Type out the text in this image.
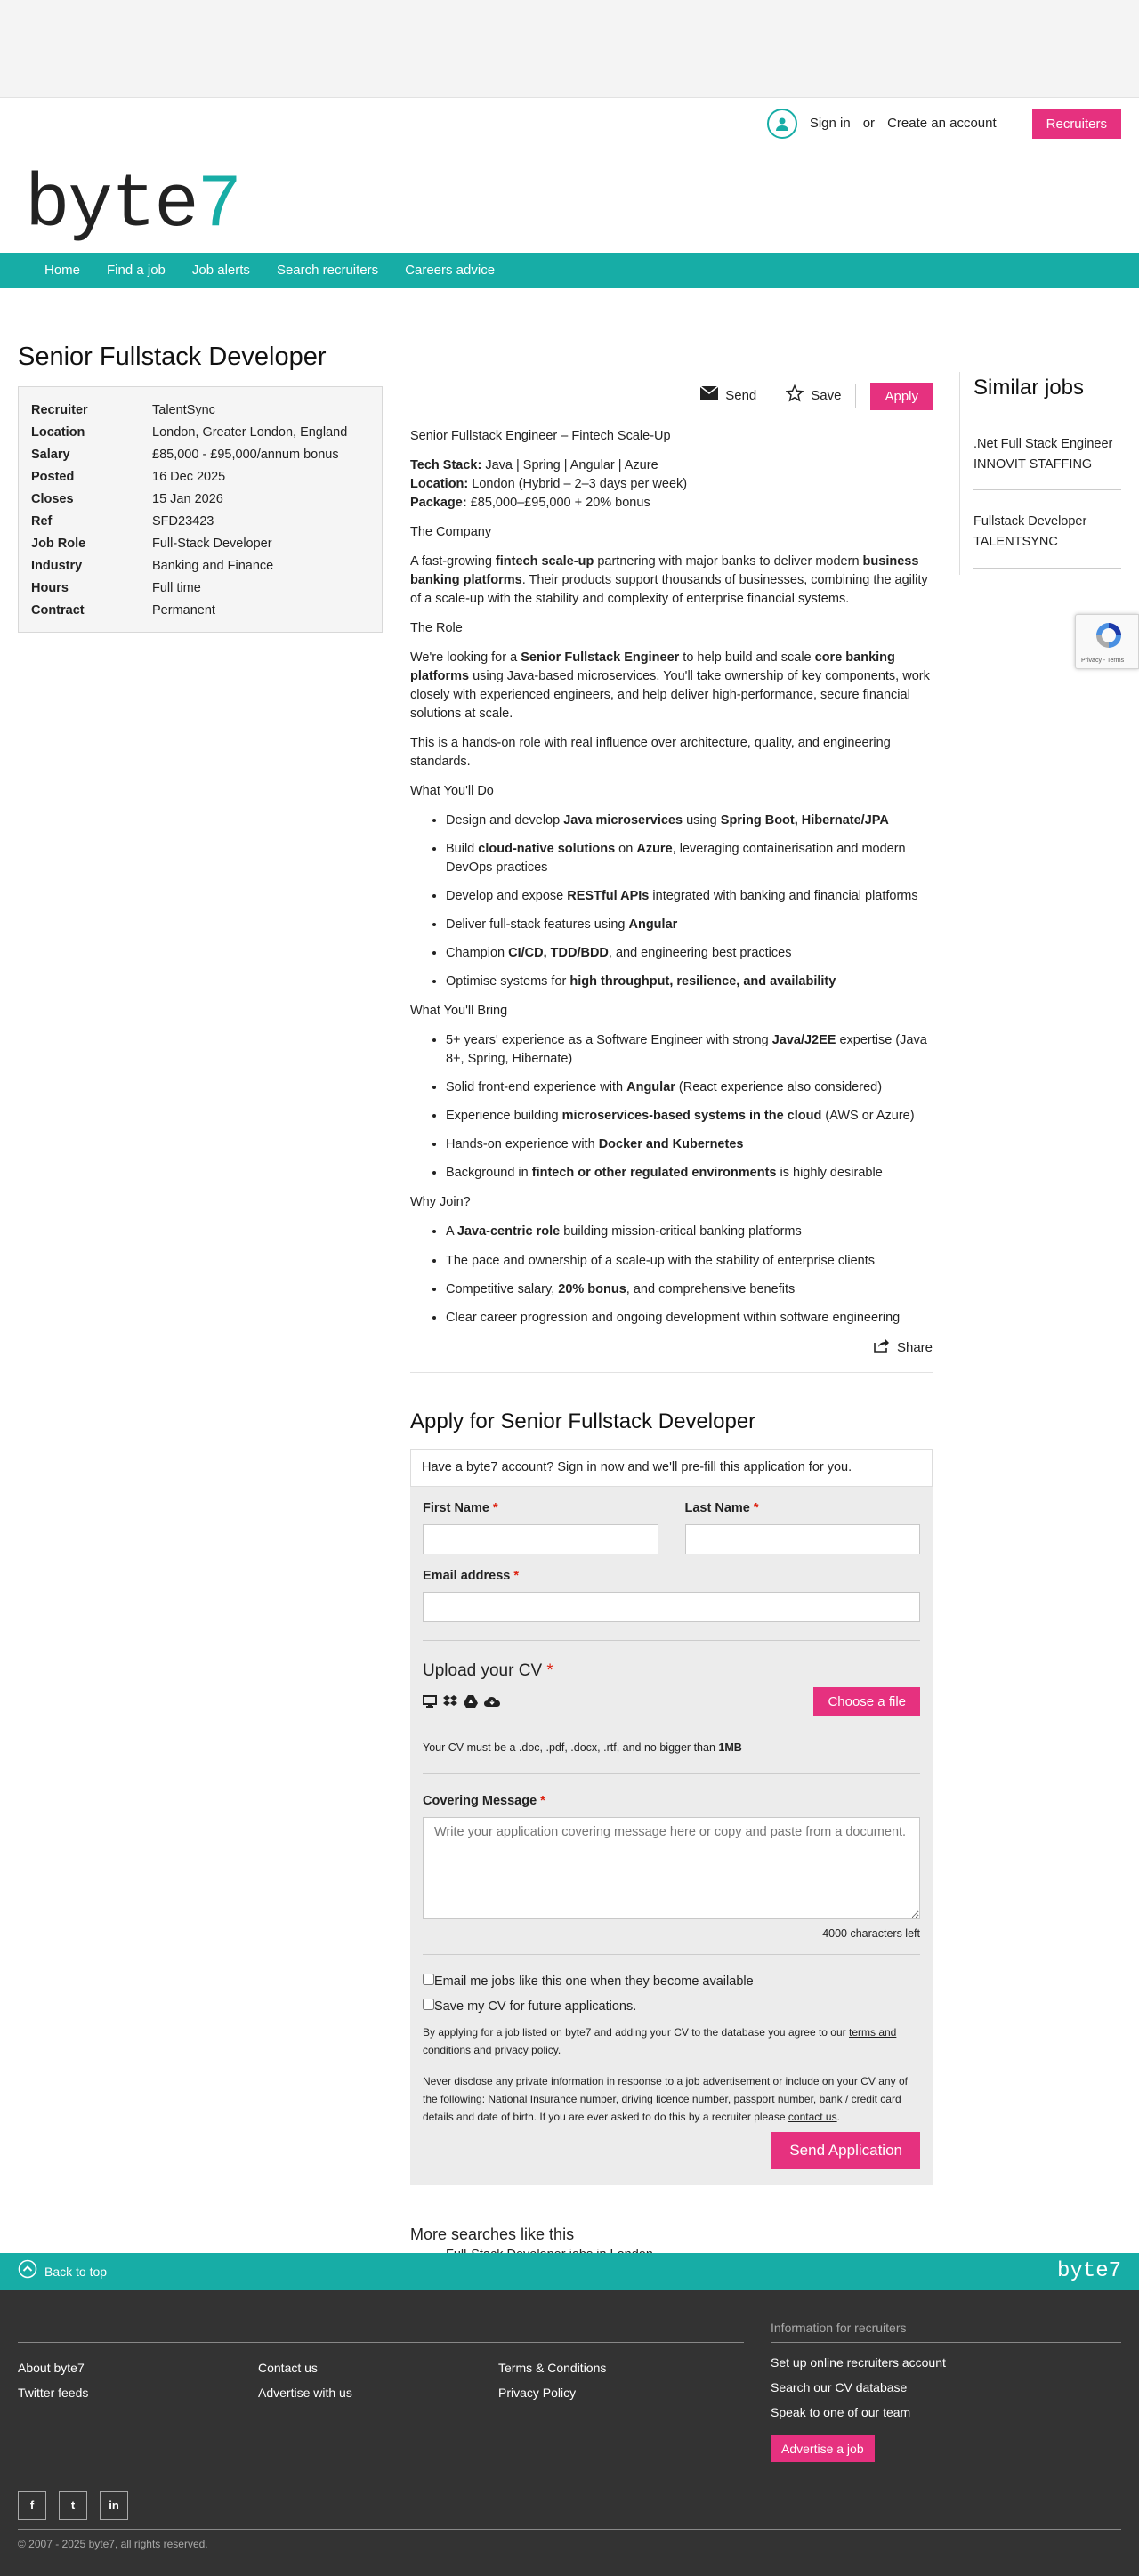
Sign in or Create an account	Recruiters
byte7
Home Find a job Job alerts Search recruiters Careers advice
Senior Fullstack Developer
Recruiter	TalentSync
Location	London, Greater London, England
Salary	£85,000 - £95,000/annum bonus
Posted	16 Dec 2025
Closes	15 Jan 2026
Ref	SFD23423
Job Role	Full-Stack Developer
Industry	Banking and Finance
Hours	Full time
Contract	Permanent
Send	Save	Apply

Senior Fullstack Engineer – Fintech Scale-Up

Tech Stack: Java | Spring | Angular | Azure
Location: London (Hybrid – 2–3 days per week)
Package: £85,000–£95,000 + 20% bonus

The Company

A fast-growing fintech scale-up partnering with major banks to deliver modern business banking platforms. Their products support thousands of businesses, combining the agility of a scale-up with the stability and complexity of enterprise financial systems.

The Role

We're looking for a Senior Fullstack Engineer to help build and scale core banking platforms using Java-based microservices. You'll take ownership of key components, work closely with experienced engineers, and help deliver high-performance, secure financial solutions at scale.

This is a hands-on role with real influence over architecture, quality, and engineering standards.

What You'll Do

• Design and develop Java microservices using Spring Boot, Hibernate/JPA
• Build cloud-native solutions on Azure, leveraging containerisation and modern DevOps practices
• Develop and expose RESTful APIs integrated with banking and financial platforms
• Deliver full-stack features using Angular
• Champion CI/CD, TDD/BDD, and engineering best practices
• Optimise systems for high throughput, resilience, and availability

What You'll Bring

• 5+ years' experience as a Software Engineer with strong Java/J2EE expertise (Java 8+, Spring, Hibernate)
• Solid front-end experience with Angular (React experience also considered)
• Experience building microservices-based systems in the cloud (AWS or Azure)
• Hands-on experience with Docker and Kubernetes
• Background in fintech or other regulated environments is highly desirable

Why Join?

• A Java-centric role building mission-critical banking platforms
• The pace and ownership of a scale-up with the stability of enterprise clients
• Competitive salary, 20% bonus, and comprehensive benefits
• Clear career progression and ongoing development within software engineering
Share
Apply for Senior Fullstack Developer
Have a byte7 account? Sign in now and we'll pre-fill this application for you.
First Name *	Last Name *
Email address *
Upload your CV *
Choose a file
Your CV must be a .doc, .pdf, .docx, .rtf, and no bigger than 1MB
Covering Message *
Write your application covering message here or copy and paste from a document.
4000 characters left
Email me jobs like this one when they become available
Save my CV for future applications.
By applying for a job listed on byte7 and adding your CV to the database you agree to our terms and conditions and privacy policy.
Never disclose any private information in response to a job advertisement or include on your CV any of the following: National Insurance number, driving licence number, passport number, bank / credit card details and date of birth. If you are ever asked to do this by a recruiter please contact us.
Send Application
More searches like this
•
Similar jobs
.Net Full Stack Engineer
INNOVIT STAFFING
Fullstack Developer
TALENTSYNC
Privacy - Terms
Back to top	byte7
About byte7
Twitter feeds
Contact us
Advertise with us
Terms & Conditions
Privacy Policy
Information for recruiters
Set up online recruiters account
Search our CV database
Speak to one of our team
Advertise a job
f	t	in
© 2007 - 2025 byte7, all rights reserved.
